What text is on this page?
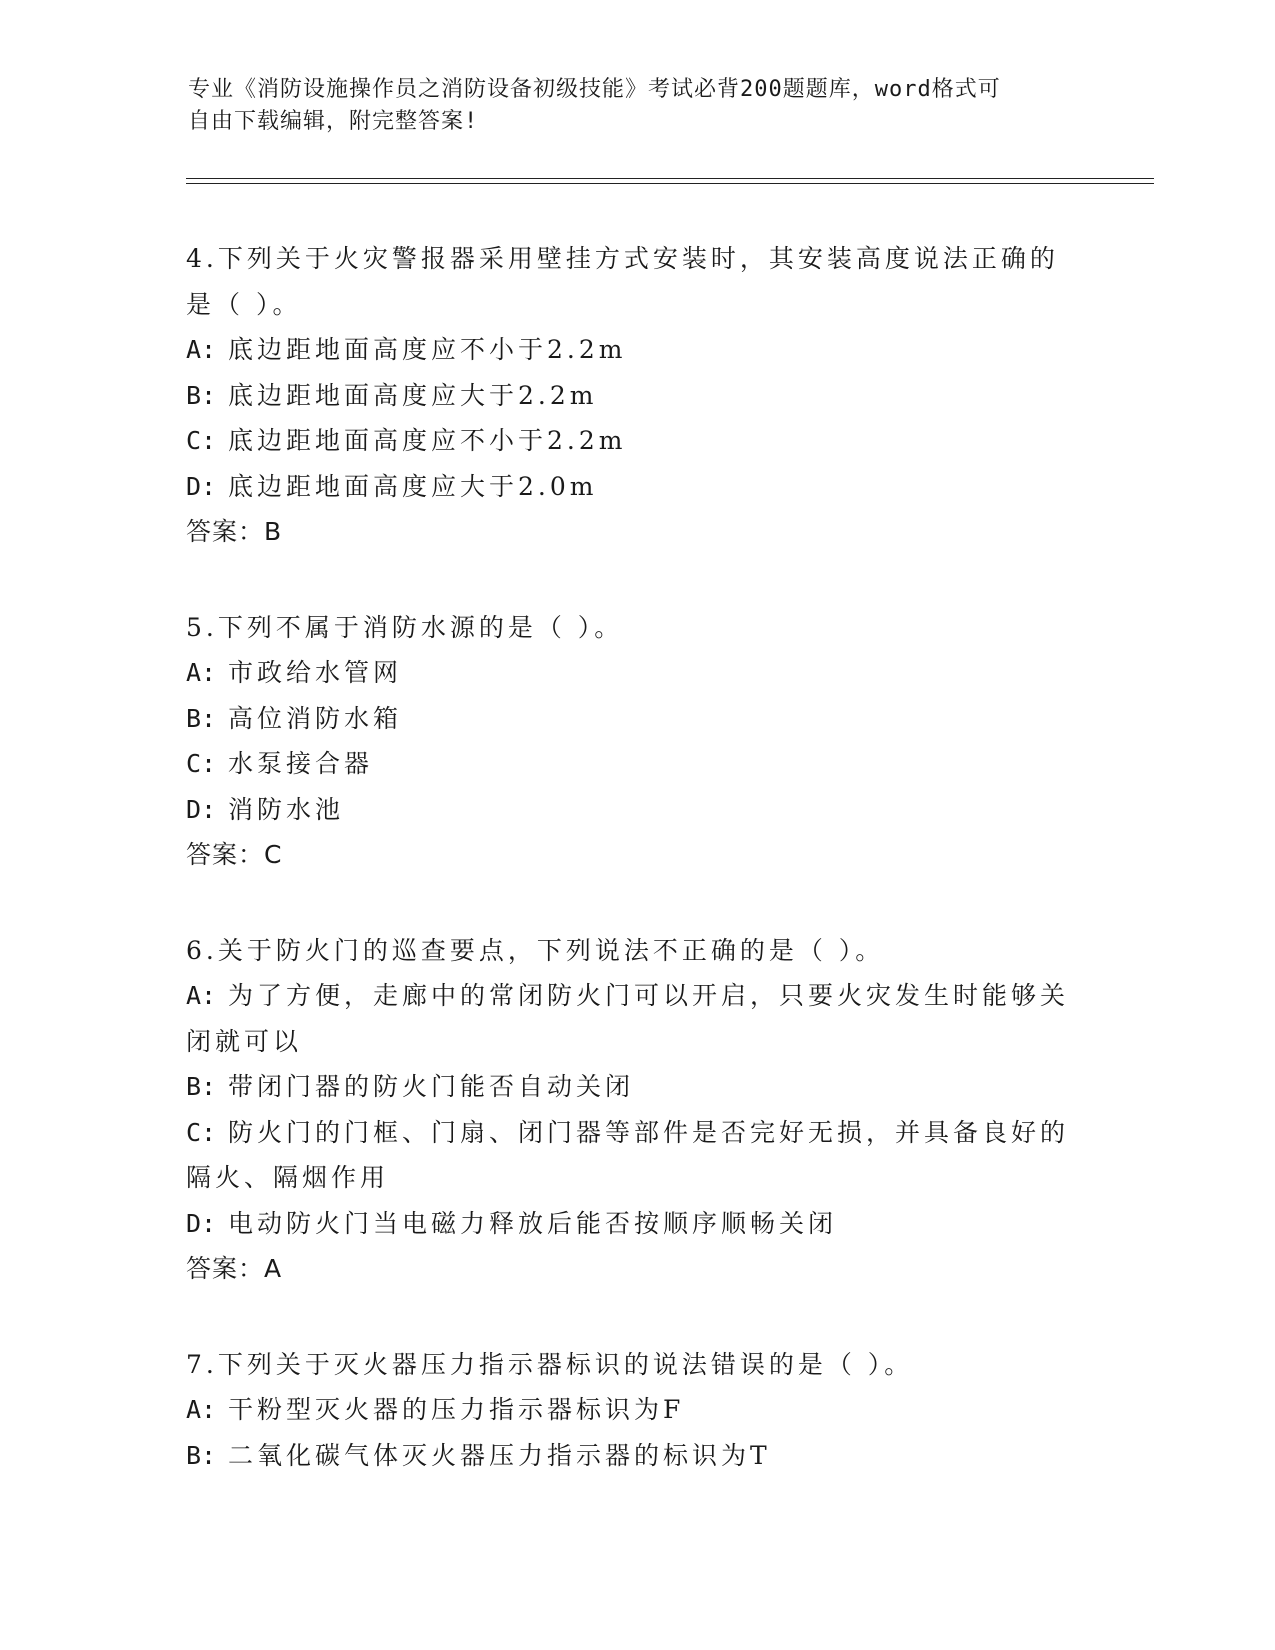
专业《消防设施操作员之消防设备初级技能》考试必背200题题库，word格式可
自由下载编辑，附完整答案!
4.下列关于火灾警报器采用壁挂方式安装时，其安装高度说法正确的
是（ ）。
A: 底边距地面高度应不小于2.2m
B: 底边距地面高度应大于2.2m
C: 底边距地面高度应不小于2.2m
D: 底边距地面高度应大于2.0m
答案：B
5.下列不属于消防水源的是（ ）。
A: 市政给水管网
B: 高位消防水箱
C: 水泵接合器
D: 消防水池
答案：C
6.关于防火门的巡查要点，下列说法不正确的是（ ）。
A: 为了方便，走廊中的常闭防火门可以开启，只要火灾发生时能够关
闭就可以
B: 带闭门器的防火门能否自动关闭
C: 防火门的门框、门扇、闭门器等部件是否完好无损，并具备良好的
隔火、隔烟作用
D: 电动防火门当电磁力释放后能否按顺序顺畅关闭
答案：A
7.下列关于灭火器压力指示器标识的说法错误的是（ ）。
A: 干粉型灭火器的压力指示器标识为F
B: 二氧化碳气体灭火器压力指示器的标识为T
